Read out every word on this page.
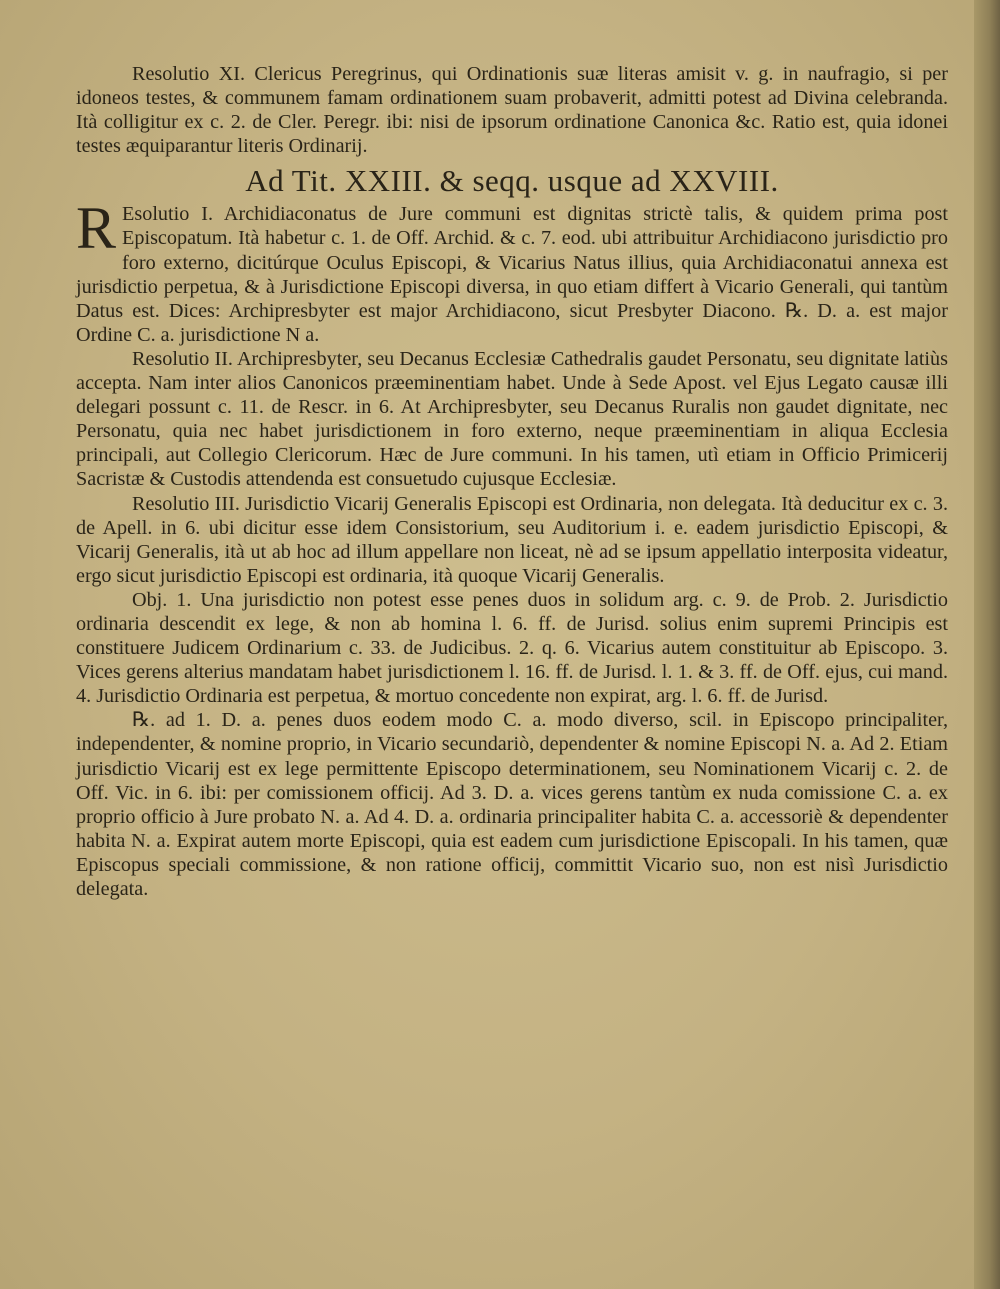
Resolutio XI. Clericus Peregrinus, qui Ordinationis suæ literas amisit v. g. in naufragio, si per idoneos testes, & communem famam ordinationem suam probaverit, admitti potest ad Divina celebranda. Ità colligitur ex c. 2. de Cler. Peregr. ibi: nisi de ipsorum ordinatione Canonica &c. Ratio est, quia idonei testes æquiparantur literis Ordinarij.

Ad Tit. XXIII. & seqq. usque ad XXVIII.

R Esolutio I. Archidiaconatus de Jure communi est dignitas strictè talis, & quidem prima post Episcopatum. Ità habetur c. 1. de Off. Archid. & c. 7. eod. ubi attribuitur Archidiacono jurisdictio pro foro externo, dicitúrque Oculus Episcopi, & Vicarius Natus illius, quia Archidiaconatui annexa est jurisdictio perpetua, & à Jurisdictione Episcopi diversa, in quo etiam differt à Vicario Generali, qui tantùm Datus est. Dices: Archipresbyter est major Archidiacono, sicut Presbyter Diacono. ℞. D. a. est major Ordine C. a. jurisdictione N a.

Resolutio II. Archipresbyter, seu Decanus Ecclesiæ Cathedralis gaudet Personatu, seu dignitate latiùs accepta. Nam inter alios Canonicos præeminentiam habet. Unde à Sede Apost. vel Ejus Legato causæ illi delegari possunt c. 11. de Rescr. in 6. At Archipresbyter, seu Decanus Ruralis non gaudet dignitate, nec Personatu, quia nec habet jurisdictionem in foro externo, neque præeminentiam in aliqua Ecclesia principali, aut Collegio Clericorum. Hæc de Jure communi. In his tamen, utì etiam in Officio Primicerij Sacristæ & Custodis attendenda est consuetudo cujusque Ecclesiæ.

Resolutio III. Jurisdictio Vicarij Generalis Episcopi est Ordinaria, non delegata. Ità deducitur ex c. 3. de Apell. in 6. ubi dicitur esse idem Consistorium, seu Auditorium i. e. eadem jurisdictio Episcopi, & Vicarij Generalis, ità ut ab hoc ad illum appellare non liceat, nè ad se ipsum appellatio interposita videatur, ergo sicut jurisdictio Episcopi est ordinaria, ità quoque Vicarij Generalis.

Obj. 1. Una jurisdictio non potest esse penes duos in solidum arg. c. 9. de Prob. 2. Jurisdictio ordinaria descendit ex lege, & non ab homina l. 6. ff. de Jurisd. solius enim supremi Principis est constituere Judicem Ordinarium c. 33. de Judicibus. 2. q. 6. Vicarius autem constituitur ab Episcopo. 3. Vices gerens alterius mandatam habet jurisdictionem l. 16. ff. de Jurisd. l. 1. & 3. ff. de Off. ejus, cui mand. 4. Jurisdictio Ordinaria est perpetua, & mortuo concedente non expirat, arg. l. 6. ff. de Jurisd.

℞. ad 1. D. a. penes duos eodem modo C. a. modo diverso, scil. in Episcopo principaliter, independenter, & nomine proprio, in Vicario secundariò, dependenter & nomine Episcopi N. a. Ad 2. Etiam jurisdictio Vicarij est ex lege permittente Episcopo determinationem, seu Nominationem Vicarij c. 2. de Off. Vic. in 6. ibi: per comissionem officij. Ad 3. D. a. vices gerens tantùm ex nuda comissione C. a. ex proprio officio à Jure probato N. a. Ad 4. D. a. ordinaria principaliter habita C. a. accessoriè & dependenter habita N. a. Expirat autem morte Episcopi, quia est eadem cum jurisdictione Episcopali. In his tamen, quæ Episcopus speciali commissione, & non ratione officij, committit Vicario suo, non est nisì Jurisdictio delegata.
